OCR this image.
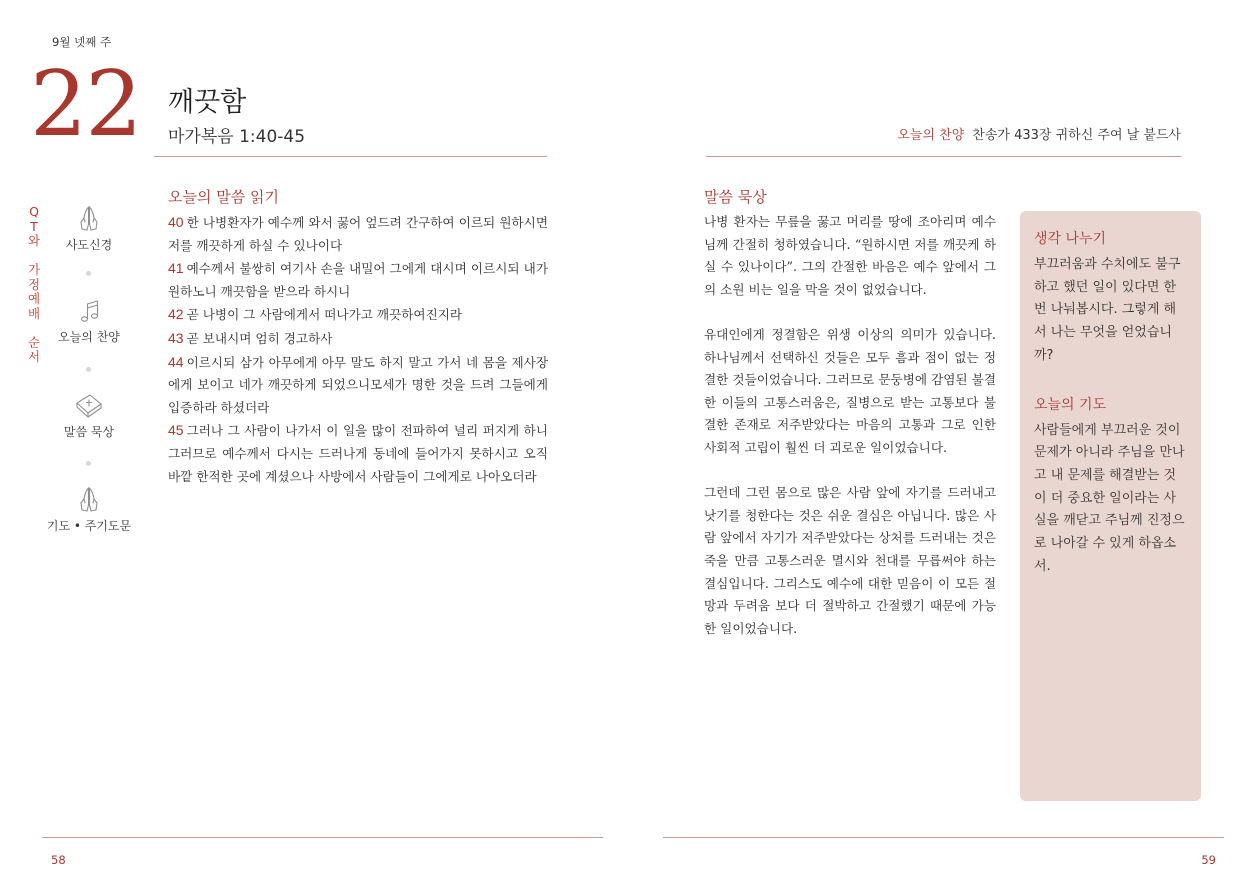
9월 넷째 주
22 깨끗함
마가복음 1:40-45	오늘의 찬양 찬송가 433장 귀하신 주여 날 붙드사
Q
T
와
가
정
예
배
순
서
사도신경
오늘의 찬양
말씀 묵상
기도 • 주기도문
오늘의 말씀 읽기
40 한 나병환자가 예수께 와서 꿇어 엎드려 간구하여 이르되 원하시면 저를 깨끗하게 하실 수 있나이다
41 예수께서 불쌍히 여기사 손을 내밀어 그에게 대시며 이르시되 내가 원하노니 깨끗함을 받으라 하시니
42 곧 나병이 그 사람에게서 떠나가고 깨끗하여진지라
43 곧 보내시며 엄히 경고하사
44 이르시되 삼가 아무에게 아무 말도 하지 말고 가서 네 몸을 제사장에게 보이고 네가 깨끗하게 되었으니모세가 명한 것을 드려 그들에게 입증하라 하셨더라
45 그러나 그 사람이 나가서 이 일을 많이 전파하여 널리 퍼지게 하니 그러므로 예수께서 다시는 드러나게 동네에 들어가지 못하시고 오직 바깥 한적한 곳에 계셨으나 사방에서 사람들이 그에게로 나아오더라
말씀 묵상

나병 환자는 무릎을 꿇고 머리를 땅에 조아리며 예수님께 간절히 청하였습니다. “원하시면 저를 깨끗케 하실 수 있나이다”. 그의 간절한 바음은 예수 앞에서 그의 소원 비는 일을 막을 것이 없었습니다.

유대인에게 정결함은 위생 이상의 의미가 있습니다. 하나님께서 선택하신 것들은 모두 흠과 점이 없는 정결한 것들이었습니다. 그러므로 문둥병에 감염된 불결한 이들의 고통스러움은, 질병으로 받는 고통보다 불결한 존재로 저주받았다는 마음의 고통과 그로 인한 사회적 고립이 훨씬 더 괴로운 일이었습니다.

그런데 그런 몸으로 많은 사람 앞에 자기를 드러내고 낫기를 청한다는 것은 쉬운 결심은 아닙니다. 많은 사람 앞에서 자기가 저주받았다는 상처를 드러내는 것은 죽을 만큼 고통스러운 멸시와 천대를 무릅써야 하는 결심입니다. 그리스도 예수에 대한 믿음이 이 모든 절망과 두려움 보다 더 절박하고 간절했기 때문에 가능한 일이었습니다.

생각 나누기
부끄러움과 수치에도 불구하고 했던 일이 있다면 한번 나눠봅시다. 그렇게 해서 나는 무엇을 얻었습니까?
오늘의 기도
사람들에게 부끄러운 것이 문제가 아니라 주님을 만나고 내 문제를 해결받는 것이 더 중요한 일이라는 사실을 깨닫고 주님께 진정으로 나아갈 수 있게 하옵소서.
58	59
